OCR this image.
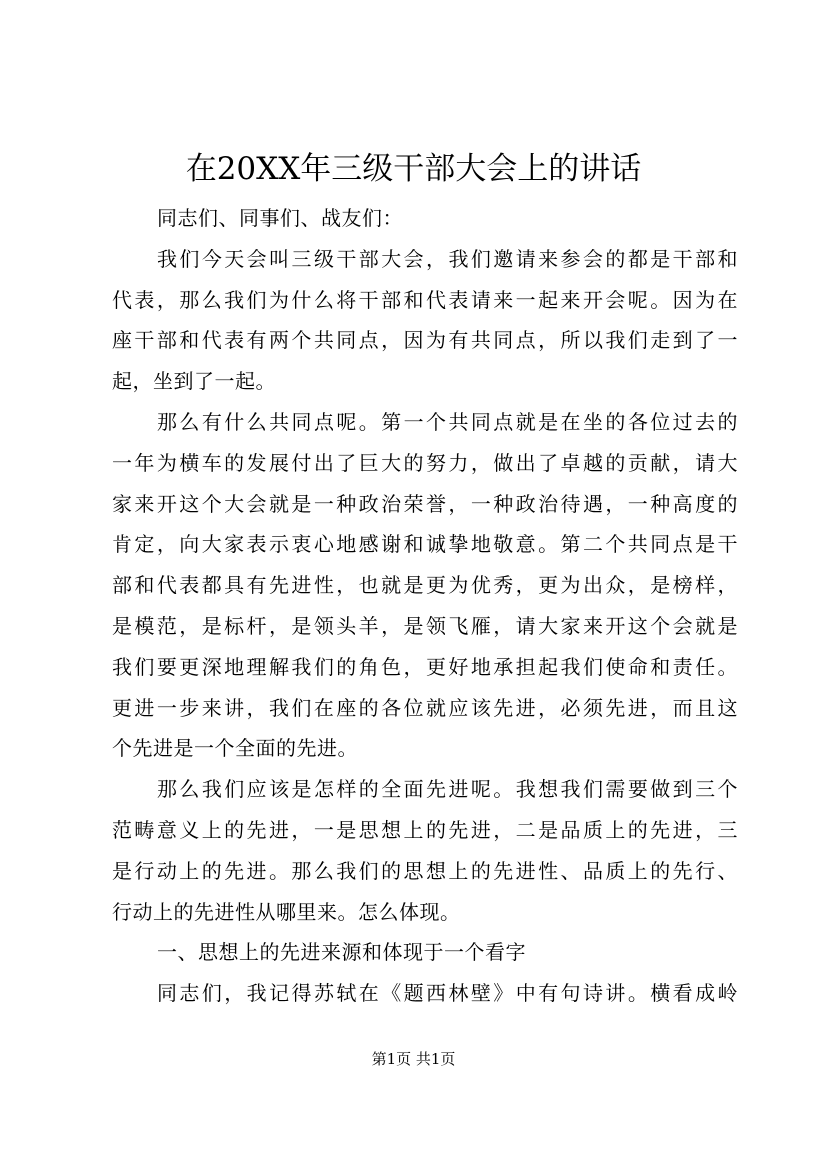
在20XX年三级干部大会上的讲话
同志们、同事们、战友们：
我们今天会叫三级干部大会，我们邀请来参会的都是干部和
代表，那么我们为什么将干部和代表请来一起来开会呢。因为在
座干部和代表有两个共同点，因为有共同点，所以我们走到了一
起，坐到了一起。
那么有什么共同点呢。第一个共同点就是在坐的各位过去的
一年为横车的发展付出了巨大的努力，做出了卓越的贡献，请大
家来开这个大会就是一种政治荣誉，一种政治待遇，一种高度的
肯定，向大家表示衷心地感谢和诚挚地敬意。第二个共同点是干
部和代表都具有先进性，也就是更为优秀，更为出众，是榜样，
是模范，是标杆，是领头羊，是领飞雁，请大家来开这个会就是
我们要更深地理解我们的角色，更好地承担起我们使命和责任。
更进一步来讲，我们在座的各位就应该先进，必须先进，而且这
个先进是一个全面的先进。
那么我们应该是怎样的全面先进呢。我想我们需要做到三个
范畴意义上的先进，一是思想上的先进，二是品质上的先进，三
是行动上的先进。那么我们的思想上的先进性、品质上的先行、
行动上的先进性从哪里来。怎么体现。
一、思想上的先进来源和体现于一个看字
同志们，我记得苏轼在《题西林壁》中有句诗讲。横看成岭
第1页 共1页
